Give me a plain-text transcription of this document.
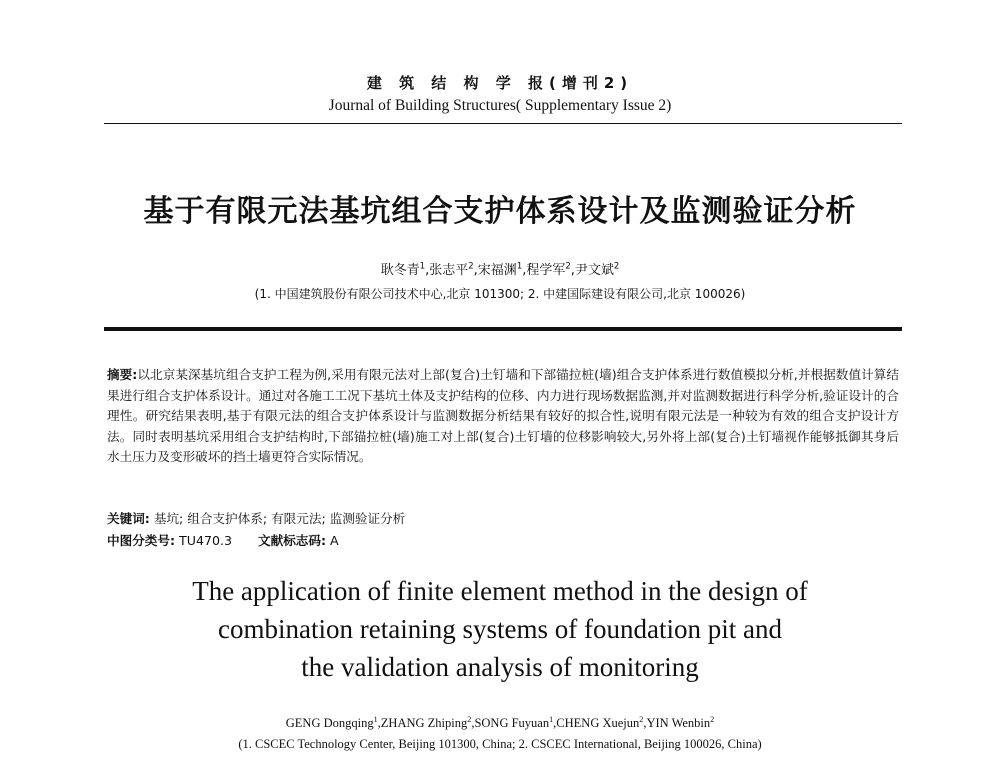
建 筑 结 构 学 报(增刊2)
Journal of Building Structures( Supplementary Issue 2)
基于有限元法基坑组合支护体系设计及监测验证分析
耿冬青$^1$,张志平$^2$,宋福渊$^1$,程学军$^2$,尹文斌$^2$
(1. 中国建筑股份有限公司技术中心,北京 101300; 2. 中建国际建设有限公司,北京 100026)
摘要:以北京某深基坑组合支护工程为例,采用有限元法对上部(复合)土钉墙和下部锚拉桩(墙)组合支护体系进行数值模拟分析,并根据数值计算结果进行组合支护体系设计。通过对各施工工况下基坑土体及支护结构的位移、内力进行现场数据监测,并对监测数据进行科学分析,验证设计的合理性。研究结果表明,基于有限元法的组合支护体系设计与监测数据分析结果有较好的拟合性,说明有限元法是一种较为有效的组合支护设计方法。同时表明基坑采用组合支护结构时,下部锚拉桩(墙)施工对上部(复合)土钉墙的位移影响较大,另外将上部(复合)土钉墙视作能够抵御其身后水土压力及变形破坏的挡土墙更符合实际情况。
关键词: 基坑; 组合支护体系; 有限元法; 监测验证分析
中图分类号: TU470.3 文献标志码: A
The application of finite element method in the design of
combination retaining systems of foundation pit and
the validation analysis of monitoring
GENG Dongqing$^1$,ZHANG Zhiping$^2$,SONG Fuyuan$^1$,CHENG Xuejun$^2$,YIN Wenbin$^2$
(1. CSCEC Technology Center, Beijing 101300, China; 2. CSCEC International, Beijing 100026, China)
